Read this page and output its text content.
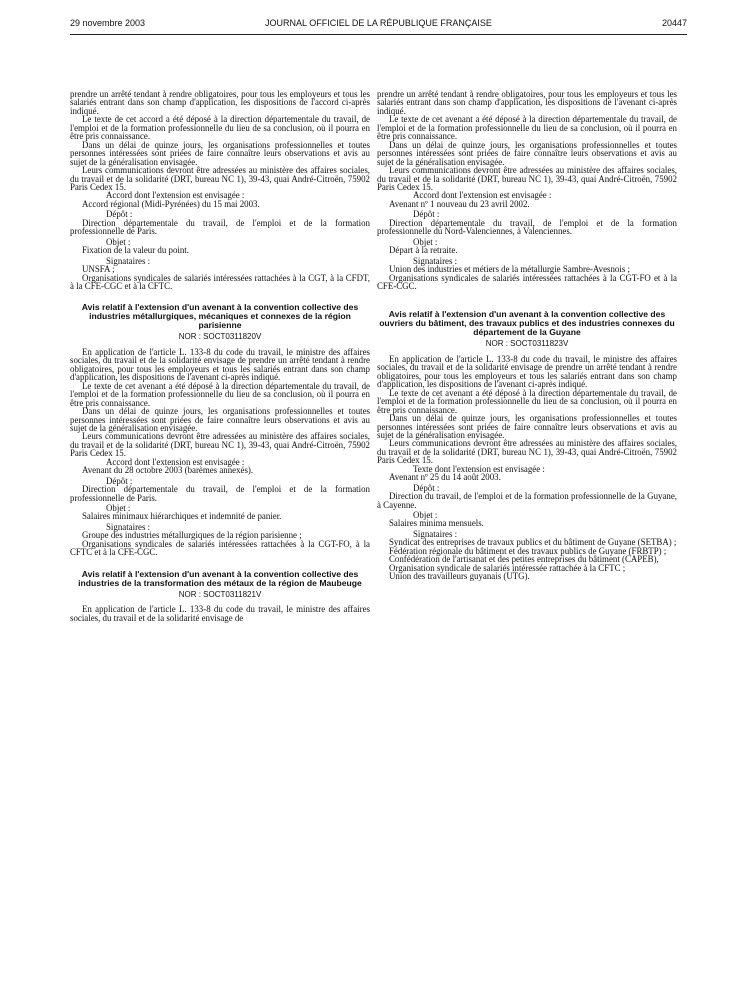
29 novembre 2003	JOURNAL OFFICIEL DE LA RÉPUBLIQUE FRANÇAISE	20447

prendre un arrêté tendant à rendre obligatoires, pour tous les employeurs et tous les salariés entrant dans son champ d'application, les dispositions de l'accord ci-après indiqué.

Le texte de cet accord a été déposé à la direction départementale du travail, de l'emploi et de la formation professionnelle du lieu de sa conclusion, où il pourra en être pris connaissance.

Dans un délai de quinze jours, les organisations professionnelles et toutes personnes intéressées sont priées de faire connaître leurs observations et avis au sujet de la généralisation envisagée.

Leurs communications devront être adressées au ministère des affaires sociales, du travail et de la solidarité (DRT, bureau NC 1), 39-43, quai André-Citroën, 75902 Paris Cedex 15.

Accord dont l'extension est envisagée :

Accord régional (Midi-Pyrénées) du 15 mai 2003.

Dépôt :

Direction départementale du travail, de l'emploi et de la formation professionnelle de Paris.

Objet :

Fixation de la valeur du point.

Signataires :

UNSFA ;

Organisations syndicales de salariés intéressées rattachées à la CGT, à la CFDT, à la CFE-CGC et à la CFTC.

Avis relatif à l'extension d'un avenant à la convention collective des industries métallurgiques, mécaniques et connexes de la région parisienne

NOR : SOCT0311820V

En application de l'article L. 133-8 du code du travail, le ministre des affaires sociales, du travail et de la solidarité envisage de prendre un arrêté tendant à rendre obligatoires, pour tous les employeurs et tous les salariés entrant dans son champ d'application, les dispositions de l'avenant ci-après indiqué.

Le texte de cet avenant a été déposé à la direction départementale du travail, de l'emploi et de la formation professionnelle du lieu de sa conclusion, où il pourra en être pris connaissance.

Dans un délai de quinze jours, les organisations professionnelles et toutes personnes intéressées sont priées de faire connaître leurs observations et avis au sujet de la généralisation envisagée.

Leurs communications devront être adressées au ministère des affaires sociales, du travail et de la solidarité (DRT, bureau NC 1), 39-43, quai André-Citroën, 75902 Paris Cedex 15.

Accord dont l'extension est envisagée :

Avenant du 28 octobre 2003 (barèmes annexés).

Dépôt :

Direction départementale du travail, de l'emploi et de la formation professionnelle de Paris.

Objet :

Salaires minimaux hiérarchiques et indemnité de panier.

Signataires :

Groupe des industries métallurgiques de la région parisienne ;

Organisations syndicales de salariés intéressées rattachées à la CGT-FO, à la CFTC et à la CFE-CGC.

Avis relatif à l'extension d'un avenant à la convention collective des industries de la transformation des métaux de la région de Maubeuge

NOR : SOCT0311821V

En application de l'article L. 133-8 du code du travail, le ministre des affaires sociales, du travail et de la solidarité envisage de

prendre un arrêté tendant à rendre obligatoires, pour tous les employeurs et tous les salariés entrant dans son champ d'application, les dispositions de l'avenant ci-après indiqué.

Le texte de cet avenant a été déposé à la direction départementale du travail, de l'emploi et de la formation professionnelle du lieu de sa conclusion, où il pourra en être pris connaissance.

Dans un délai de quinze jours, les organisations professionnelles et toutes personnes intéressées sont priées de faire connaître leurs observations et avis au sujet de la généralisation envisagée.

Leurs communications devront être adressées au ministère des affaires sociales, du travail et de la solidarité (DRT, bureau NC 1), 39-43, quai André-Citroën, 75902 Paris Cedex 15.

Accord dont l'extension est envisagée :

Avenant nº 1 nouveau du 23 avril 2002.

Dépôt :

Direction départementale du travail, de l'emploi et de la formation professionnelle du Nord-Valenciennes, à Valenciennes.

Objet :

Départ à la retraite.

Signataires :

Union des industries et métiers de la métallurgie Sambre-Avesnois ;

Organisations syndicales de salariés intéressées rattachées à la CGT-FO et à la CFE-CGC.

Avis relatif à l'extension d'un avenant à la convention collective des ouvriers du bâtiment, des travaux publics et des industries connexes du département de la Guyane

NOR : SOCT0311823V

En application de l'article L. 133-8 du code du travail, le ministre des affaires sociales, du travail et de la solidarité envisage de prendre un arrêté tendant à rendre obligatoires, pour tous les employeurs et tous les salariés entrant dans son champ d'application, les dispositions de l'avenant ci-après indiqué.

Le texte de cet avenant a été déposé à la direction départementale du travail, de l'emploi et de la formation professionnelle du lieu de sa conclusion, où il pourra en être pris connaissance.

Dans un délai de quinze jours, les organisations professionnelles et toutes personnes intéressées sont priées de faire connaître leurs observations et avis au sujet de la généralisation envisagée.

Leurs communications devront être adressées au ministère des affaires sociales, du travail et de la solidarité (DRT, bureau NC 1), 39-43, quai André-Citroën, 75902 Paris Cedex 15.

Texte dont l'extension est envisagée :

Avenant nº 25 du 14 août 2003.

Dépôt :

Direction du travail, de l'emploi et de la formation professionnelle de la Guyane, à Cayenne.

Objet :

Salaires minima mensuels.

Signataires :

Syndicat des entreprises de travaux publics et du bâtiment de Guyane (SETBA) ;

Fédération régionale du bâtiment et des travaux publics de Guyane (FRBTP) ;

Confédération de l'artisanat et des petites entreprises du bâtiment (CAPEB),

Organisation syndicale de salariés intéressée rattachée à la CFTC ;

Union des travailleurs guyanais (UTG).
